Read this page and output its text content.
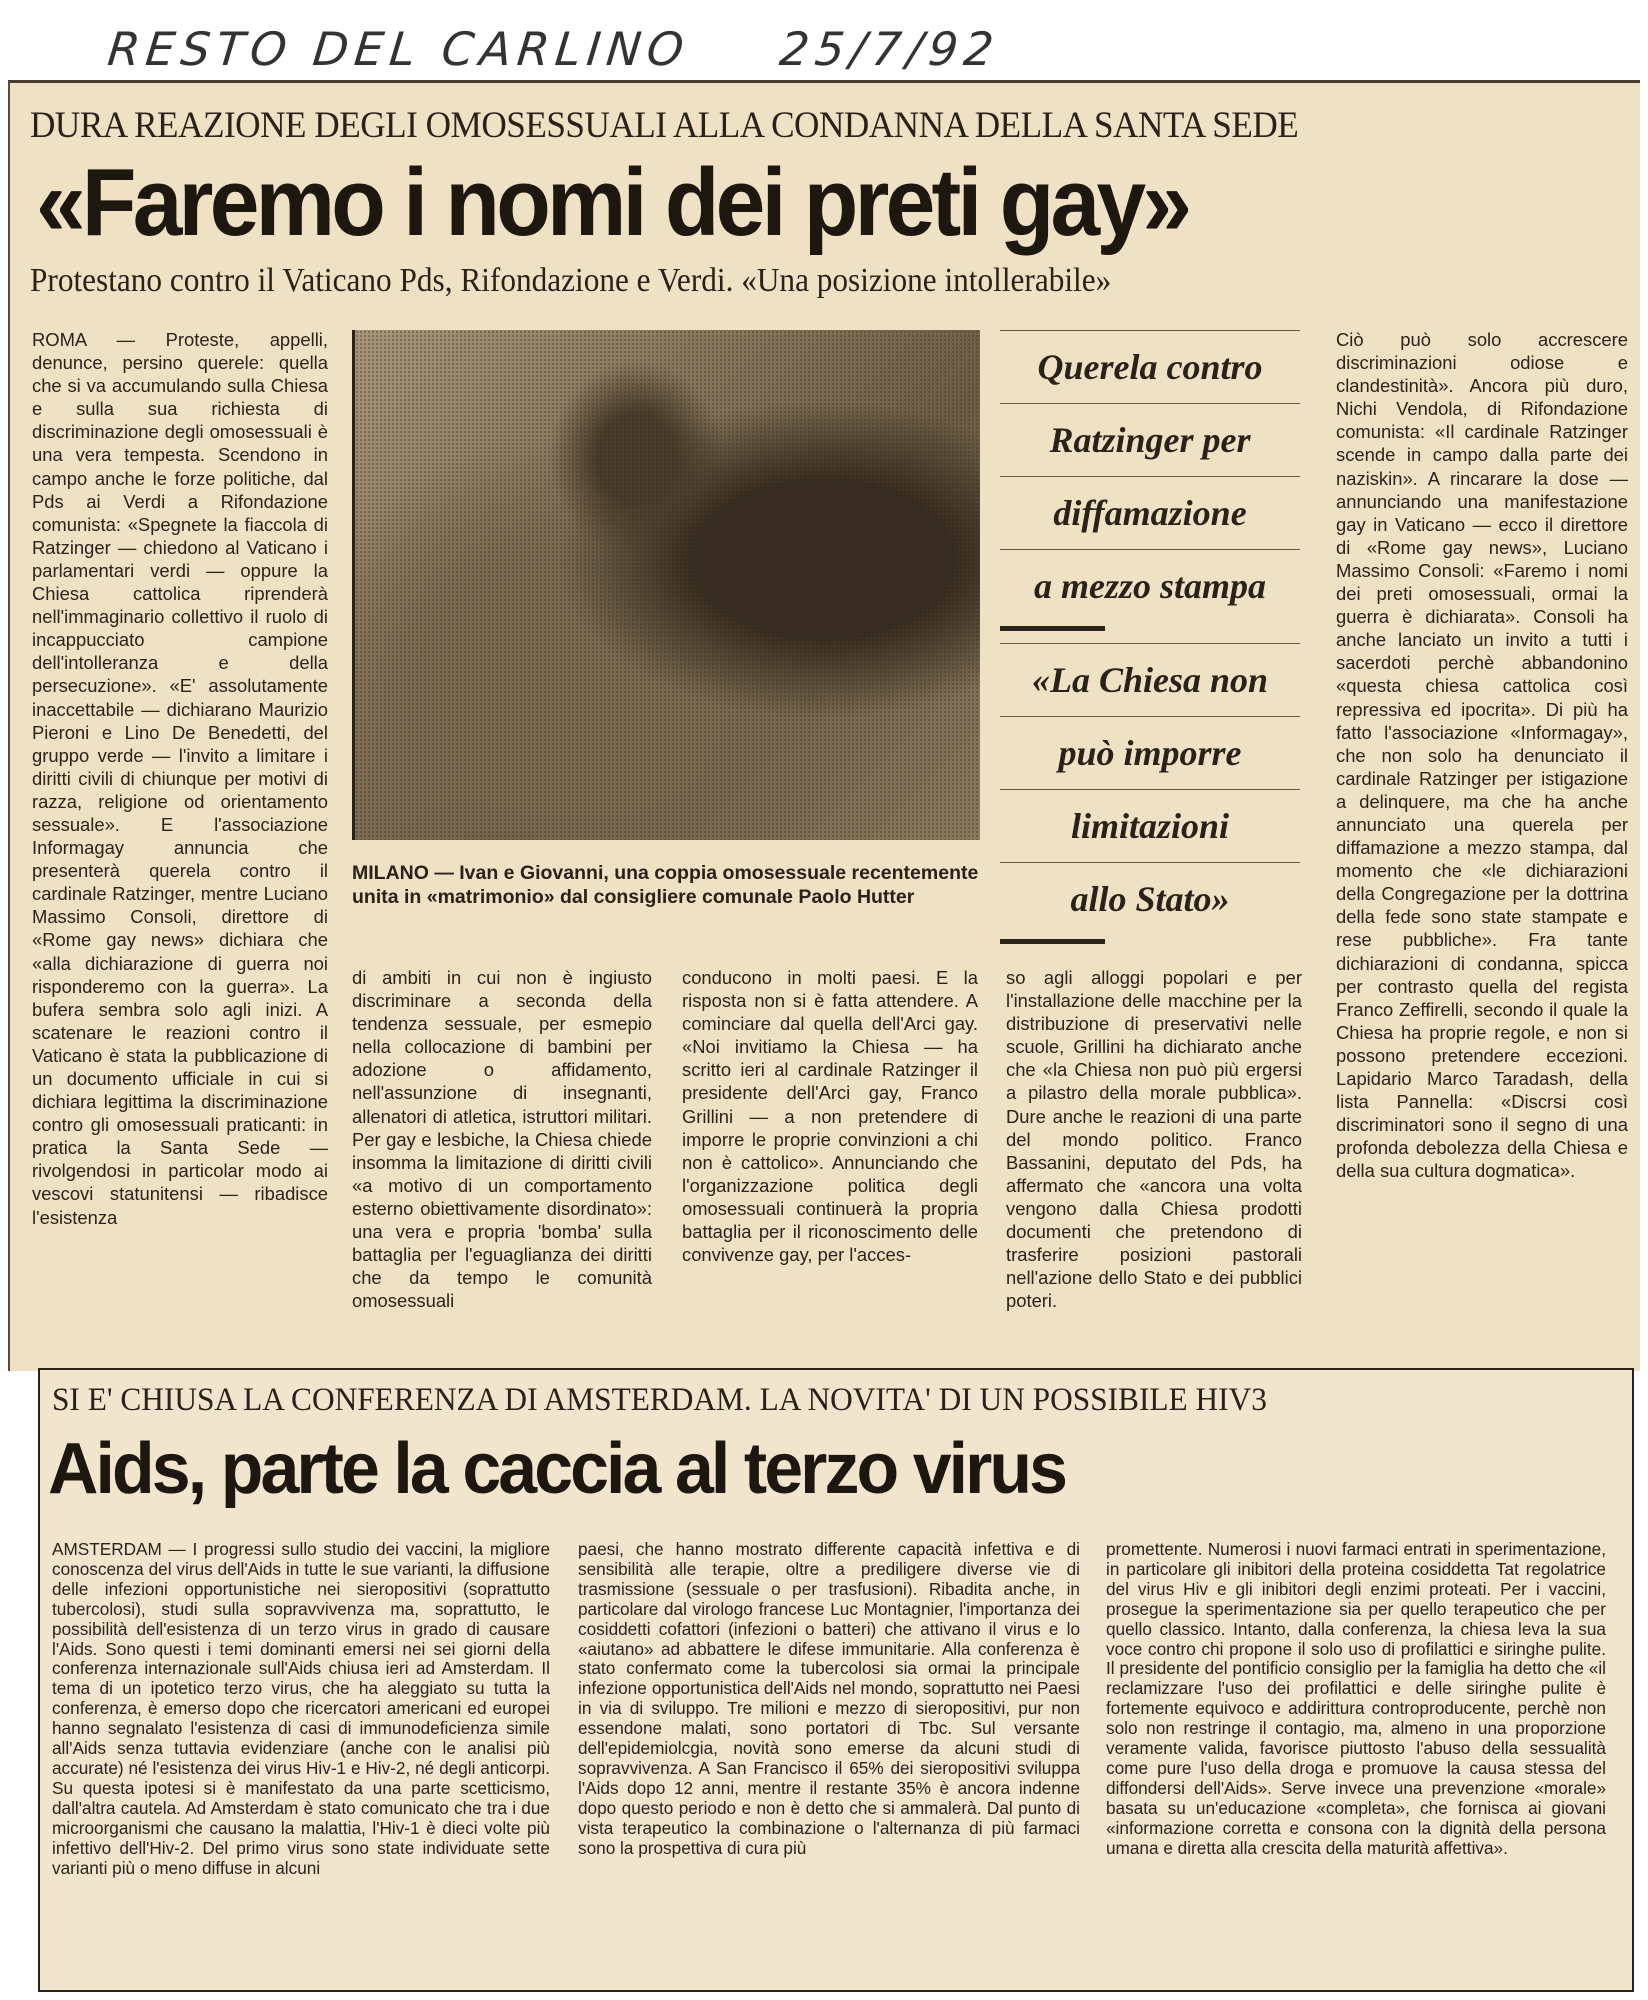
RESTO DEL CARLINO 25/7/92
DURA REAZIONE DEGLI OMOSESSUALI ALLA CONDANNA DELLA SANTA SEDE
«Faremo i nomi dei preti gay»
Protestano contro il Vaticano Pds, Rifondazione e Verdi. «Una posizione intollerabile»
ROMA — Proteste, appelli, denunce, persino querele: quella che si va accumulando sulla Chiesa e sulla sua richiesta di discriminazione degli omosessuali è una vera tempesta. Scendono in campo anche le forze politiche, dal Pds ai Verdi a Rifondazione comunista: «Spegnete la fiaccola di Ratzinger — chiedono al Vaticano i parlamentari verdi — oppure la Chiesa cattolica riprenderà nell'immaginario collettivo il ruolo di incappucciato campione dell'intolleranza e della persecuzione». «E' assolutamente inaccettabile — dichiarano Maurizio Pieroni e Lino De Benedetti, del gruppo verde — l'invito a limitare i diritti civili di chiunque per motivi di razza, religione od orientamento sessuale». E l'associazione Informagay annuncia che presenterà querela contro il cardinale Ratzinger, mentre Luciano Massimo Consoli, direttore di «Rome gay news» dichiara che «alla dichiarazione di guerra noi risponderemo con la guerra». La bufera sembra solo agli inizi. A scatenare le reazioni contro il Vaticano è stata la pubblicazione di un documento ufficiale in cui si dichiara legittima la discriminazione contro gli omosessuali praticanti: in pratica la Santa Sede — rivolgendosi in particolar modo ai vescovi statunitensi — ribadisce l'esistenza
MILANO — Ivan e Giovanni, una coppia omosessuale recentemente unita in «matrimonio» dal consigliere comunale Paolo Hutter
di ambiti in cui non è ingiusto discriminare a seconda della tendenza sessuale, per esmepio nella collocazione di bambini per adozione o affidamento, nell'assunzione di insegnanti, allenatori di atletica, istruttori militari. Per gay e lesbiche, la Chiesa chiede insomma la limitazione di diritti civili «a motivo di un comportamento esterno obiettivamente disordinato»: una vera e propria 'bomba' sulla battaglia per l'eguaglianza dei diritti che da tempo le comunità omosessuali
conducono in molti paesi. E la risposta non si è fatta attendere. A cominciare dal quella dell'Arci gay. «Noi invitiamo la Chiesa — ha scritto ieri al cardinale Ratzinger il presidente dell'Arci gay, Franco Grillini — a non pretendere di imporre le proprie convinzioni a chi non è cattolico». Annunciando che l'organizzazione politica degli omosessuali continuerà la propria battaglia per il riconoscimento delle convivenze gay, per l'acces-
so agli alloggi popolari e per l'installazione delle macchine per la distribuzione di preservativi nelle scuole, Grillini ha dichiarato anche che «la Chiesa non può più ergersi a pilastro della morale pubblica». Dure anche le reazioni di una parte del mondo politico. Franco Bassanini, deputato del Pds, ha affermato che «ancora una volta vengono dalla Chiesa prodotti documenti che pretendono di trasferire posizioni pastorali nell'azione dello Stato e dei pubblici poteri.
Ciò può solo accrescere discriminazioni odiose e clandestinità». Ancora più duro, Nichi Vendola, di Rifondazione comunista: «Il cardinale Ratzinger scende in campo dalla parte dei naziskin». A rincarare la dose — annunciando una manifestazione gay in Vaticano — ecco il direttore di «Rome gay news», Luciano Massimo Consoli: «Faremo i nomi dei preti omosessuali, ormai la guerra è dichiarata». Consoli ha anche lanciato un invito a tutti i sacerdoti perchè abbandonino «questa chiesa cattolica così repressiva ed ipocrita». Di più ha fatto l'associazione «Informagay», che non solo ha denunciato il cardinale Ratzinger per istigazione a delinquere, ma che ha anche annunciato una querela per diffamazione a mezzo stampa, dal momento che «le dichiarazioni della Congregazione per la dottrina della fede sono state stampate e rese pubbliche». Fra tante dichiarazioni di condanna, spicca per contrasto quella del regista Franco Zeffirelli, secondo il quale la Chiesa ha proprie regole, e non si possono pretendere eccezioni. Lapidario Marco Taradash, della lista Pannella: «Discrsi così discriminatori sono il segno di una profonda debolezza della Chiesa e della sua cultura dogmatica».
Querela contro
Ratzinger per
diffamazione
a mezzo stampa
«La Chiesa non
può imporre
limitazioni
allo Stato»
SI E' CHIUSA LA CONFERENZA DI AMSTERDAM. LA NOVITA' DI UN POSSIBILE HIV3
Aids, parte la caccia al terzo virus
AMSTERDAM — I progressi sullo studio dei vaccini, la migliore conoscenza del virus dell'Aids in tutte le sue varianti, la diffusione delle infezioni opportunistiche nei sieropositivi (soprattutto tubercolosi), studi sulla sopravvivenza ma, soprattutto, le possibilità dell'esistenza di un terzo virus in grado di causare l'Aids. Sono questi i temi dominanti emersi nei sei giorni della conferenza internazionale sull'Aids chiusa ieri ad Amsterdam. Il tema di un ipotetico terzo virus, che ha aleggiato su tutta la conferenza, è emerso dopo che ricercatori americani ed europei hanno segnalato l'esistenza di casi di immunodeficienza simile all'Aids senza tuttavia evidenziare (anche con le analisi più accurate) né l'esistenza dei virus Hiv-1 e Hiv-2, né degli anticorpi. Su questa ipotesi si è manifestato da una parte scetticismo, dall'altra cautela. Ad Amsterdam è stato comunicato che tra i due microorganismi che causano la malattia, l'Hiv-1 è dieci volte più infettivo dell'Hiv-2. Del primo virus sono state individuate sette varianti più o meno diffuse in alcuni
paesi, che hanno mostrato differente capacità infettiva e di sensibilità alle terapie, oltre a prediligere diverse vie di trasmissione (sessuale o per trasfusioni). Ribadita anche, in particolare dal virologo francese Luc Montagnier, l'importanza dei cosiddetti cofattori (infezioni o batteri) che attivano il virus e lo «aiutano» ad abbattere le difese immunitarie. Alla conferenza è stato confermato come la tubercolosi sia ormai la principale infezione opportunistica dell'Aids nel mondo, soprattutto nei Paesi in via di sviluppo. Tre milioni e mezzo di sieropositivi, pur non essendone malati, sono portatori di Tbc. Sul versante dell'epidemiolcgia, novità sono emerse da alcuni studi di sopravvivenza. A San Francisco il 65% dei sieropositivi sviluppa l'Aids dopo 12 anni, mentre il restante 35% è ancora indenne dopo questo periodo e non è detto che si ammalerà. Dal punto di vista terapeutico la combinazione o l'alternanza di più farmaci sono la prospettiva di cura più
promettente. Numerosi i nuovi farmaci entrati in sperimentazione, in particolare gli inibitori della proteina cosiddetta Tat regolatrice del virus Hiv e gli inibitori degli enzimi proteati. Per i vaccini, prosegue la sperimentazione sia per quello terapeutico che per quello classico. Intanto, dalla conferenza, la chiesa leva la sua voce contro chi propone il solo uso di profilattici e siringhe pulite. Il presidente del pontificio consiglio per la famiglia ha detto che «il reclamizzare l'uso dei profilattici e delle siringhe pulite è fortemente equivoco e addirittura controproducente, perchè non solo non restringe il contagio, ma, almeno in una proporzione veramente valida, favorisce piuttosto l'abuso della sessualità come pure l'uso della droga e promuove la causa stessa del diffondersi dell'Aids». Serve invece una prevenzione «morale» basata su un'educazione «completa», che fornisca ai giovani «informazione corretta e consona con la dignità della persona umana e diretta alla crescita della maturità affettiva».
